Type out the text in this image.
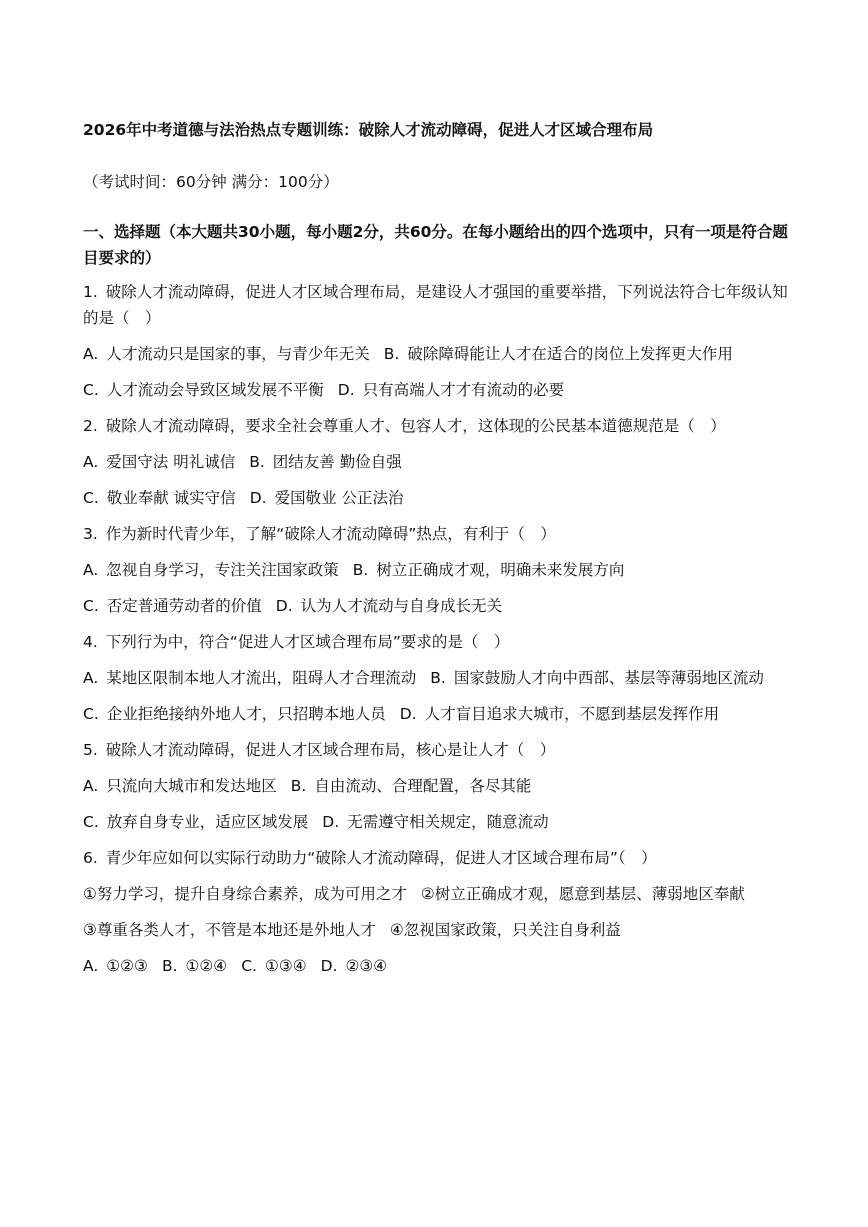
2026年中考道德与法治热点专题训练：破除人才流动障碍，促进人才区域合理布局
（考试时间：60分钟 满分：100分）
一、选择题（本大题共30小题，每小题2分，共60分。在每小题给出的四个选项中，只有一项是符合题目要求的）
1. 破除人才流动障碍，促进人才区域合理布局，是建设人才强国的重要举措，下列说法符合七年级认知的是（　）
A. 人才流动只是国家的事，与青少年无关 B. 破除障碍能让人才在适合的岗位上发挥更大作用
C. 人才流动会导致区域发展不平衡 D. 只有高端人才才有流动的必要
2. 破除人才流动障碍，要求全社会尊重人才、包容人才，这体现的公民基本道德规范是（　）
A. 爱国守法 明礼诚信 B. 团结友善 勤俭自强
C. 敬业奉献 诚实守信 D. 爱国敬业 公正法治
3. 作为新时代青少年，了解“破除人才流动障碍”热点，有利于（　）
A. 忽视自身学习，专注关注国家政策 B. 树立正确成才观，明确未来发展方向
C. 否定普通劳动者的价值 D. 认为人才流动与自身成长无关
4. 下列行为中，符合“促进人才区域合理布局”要求的是（　）
A. 某地区限制本地人才流出，阻碍人才合理流动 B. 国家鼓励人才向中西部、基层等薄弱地区流动
C. 企业拒绝接纳外地人才，只招聘本地人员 D. 人才盲目追求大城市，不愿到基层发挥作用
5. 破除人才流动障碍，促进人才区域合理布局，核心是让人才（　）
A. 只流向大城市和发达地区 B. 自由流动、合理配置，各尽其能
C. 放弃自身专业，适应区域发展 D. 无需遵守相关规定，随意流动
6. 青少年应如何以实际行动助力“破除人才流动障碍，促进人才区域合理布局”（　）
①努力学习，提升自身综合素养，成为可用之才 ②树立正确成才观，愿意到基层、薄弱地区奉献
③尊重各类人才，不管是本地还是外地人才 ④忽视国家政策，只关注自身利益
A. ①②③ B. ①②④ C. ①③④ D. ②③④
